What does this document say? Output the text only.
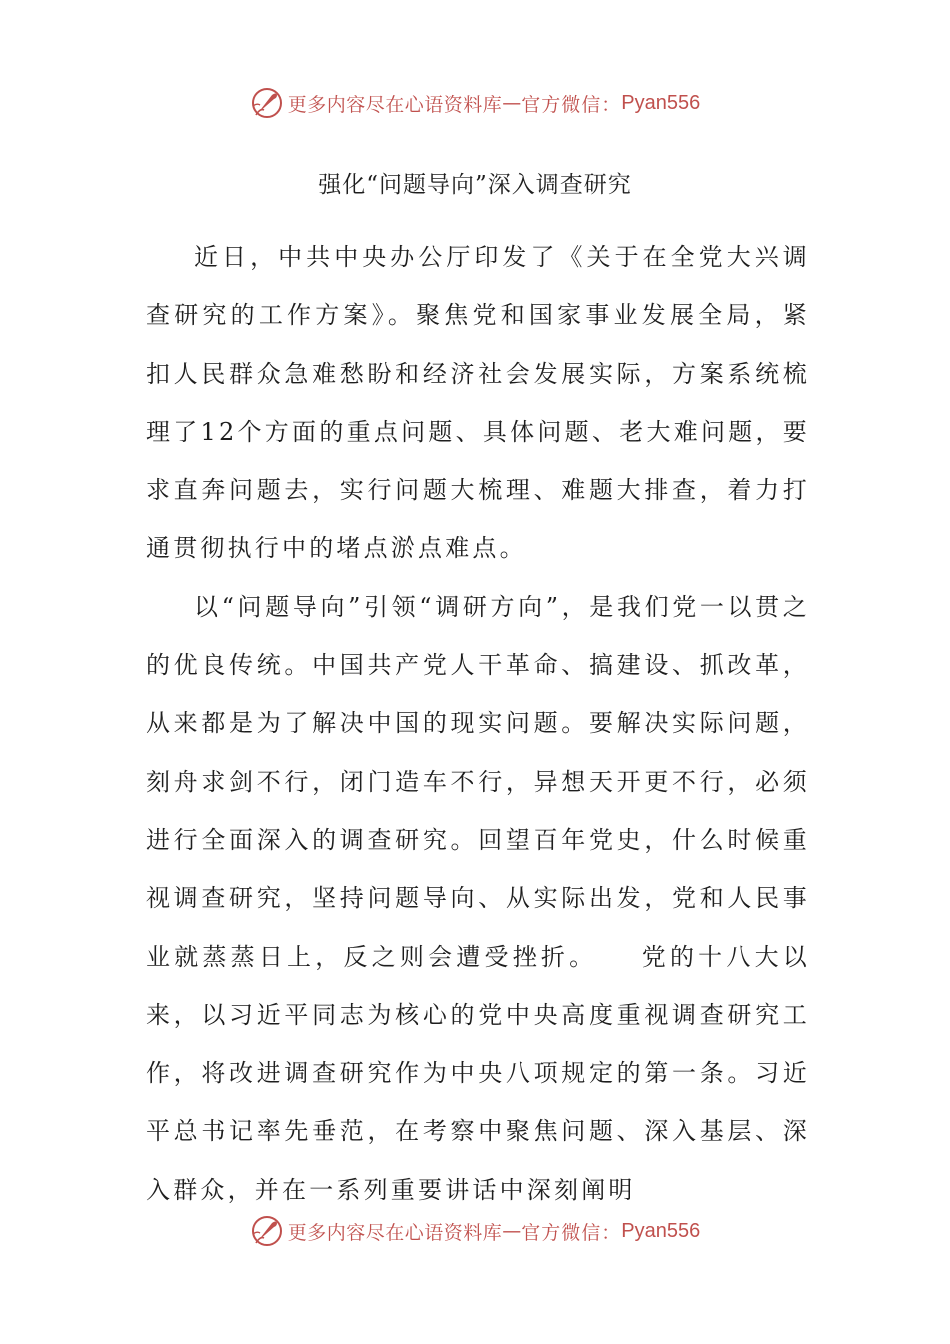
更多内容尽在心语资料库 — 官方微信： Pyan556
强化“问题导向”深入调查研究

近日，中共中央办公厅印发了《关于在全党大兴调查研究的工作方案》。聚焦党和国家事业发展全局，紧扣人民群众急难愁盼和经济社会发展实际，方案系统梳理了12个方面的重点问题、具体问题、老大难问题，要求直奔问题去，实行问题大梳理、难题大排查，着力打通贯彻执行中的堵点淤点难点。

以“问题导向”引领“调研方向”，是我们党一以贯之的优良传统。中国共产党人干革命、搞建设、抓改革，从来都是为了解决中国的现实问题。要解决实际问题，刻舟求剑不行，闭门造车不行，异想天开更不行，必须进行全面深入的调查研究。回望百年党史，什么时候重视调查研究，坚持问题导向、从实际出发，党和人民事业就蒸蒸日上，反之则会遭受挫折。　　党的十八大以来，以习近平同志为核心的党中央高度重视调查研究工作，将改进调查研究作为中央八项规定的第一条。习近平总书记率先垂范，在考察中聚焦问题、深入基层、深入群众，并在一系列重要讲话中深刻阐明

更多内容尽在心语资料库 — 官方微信： Pyan556
